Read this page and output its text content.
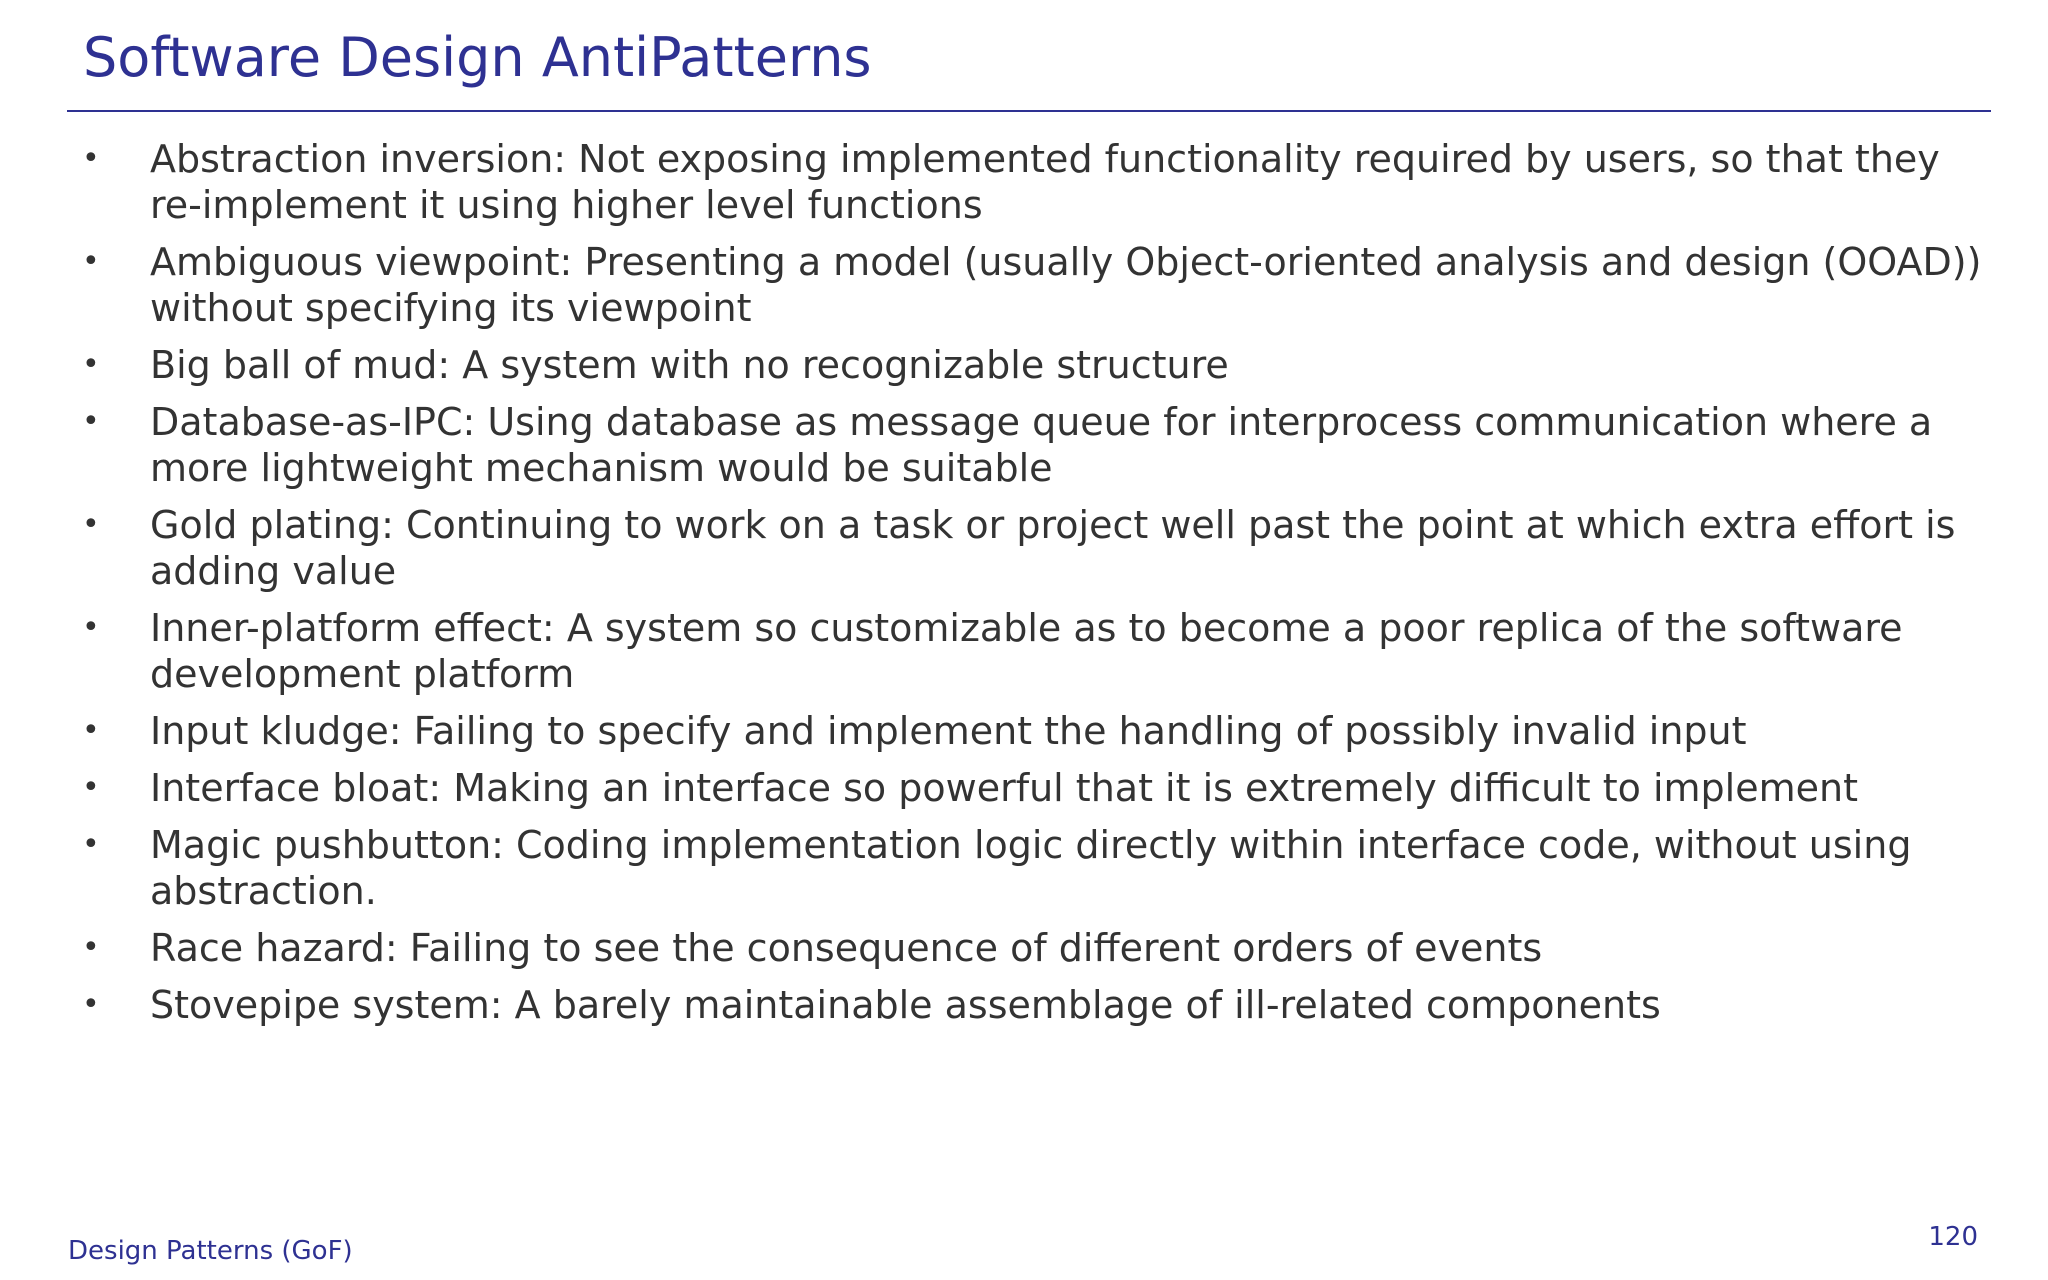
Software Design AntiPatterns
•	Abstraction inversion: Not exposing implemented functionality required by users, so that they re-implement it using higher level functions
•	Ambiguous viewpoint: Presenting a model (usually Object-oriented analysis and design (OOAD)) without specifying its viewpoint
•	Big ball of mud: A system with no recognizable structure
•	Database-as-IPC: Using database as message queue for interprocess communication where a more lightweight mechanism would be suitable
•	Gold plating: Continuing to work on a task or project well past the point at which extra effort is adding value
•	Inner-platform effect: A system so customizable as to become a poor replica of the software development platform
•	Input kludge: Failing to specify and implement the handling of possibly invalid input
•	Interface bloat: Making an interface so powerful that it is extremely difficult to implement
•	Magic pushbutton: Coding implementation logic directly within interface code, without using abstraction.
•	Race hazard: Failing to see the consequence of different orders of events
•	Stovepipe system: A barely maintainable assemblage of ill-related components
Design Patterns (GoF)	120
